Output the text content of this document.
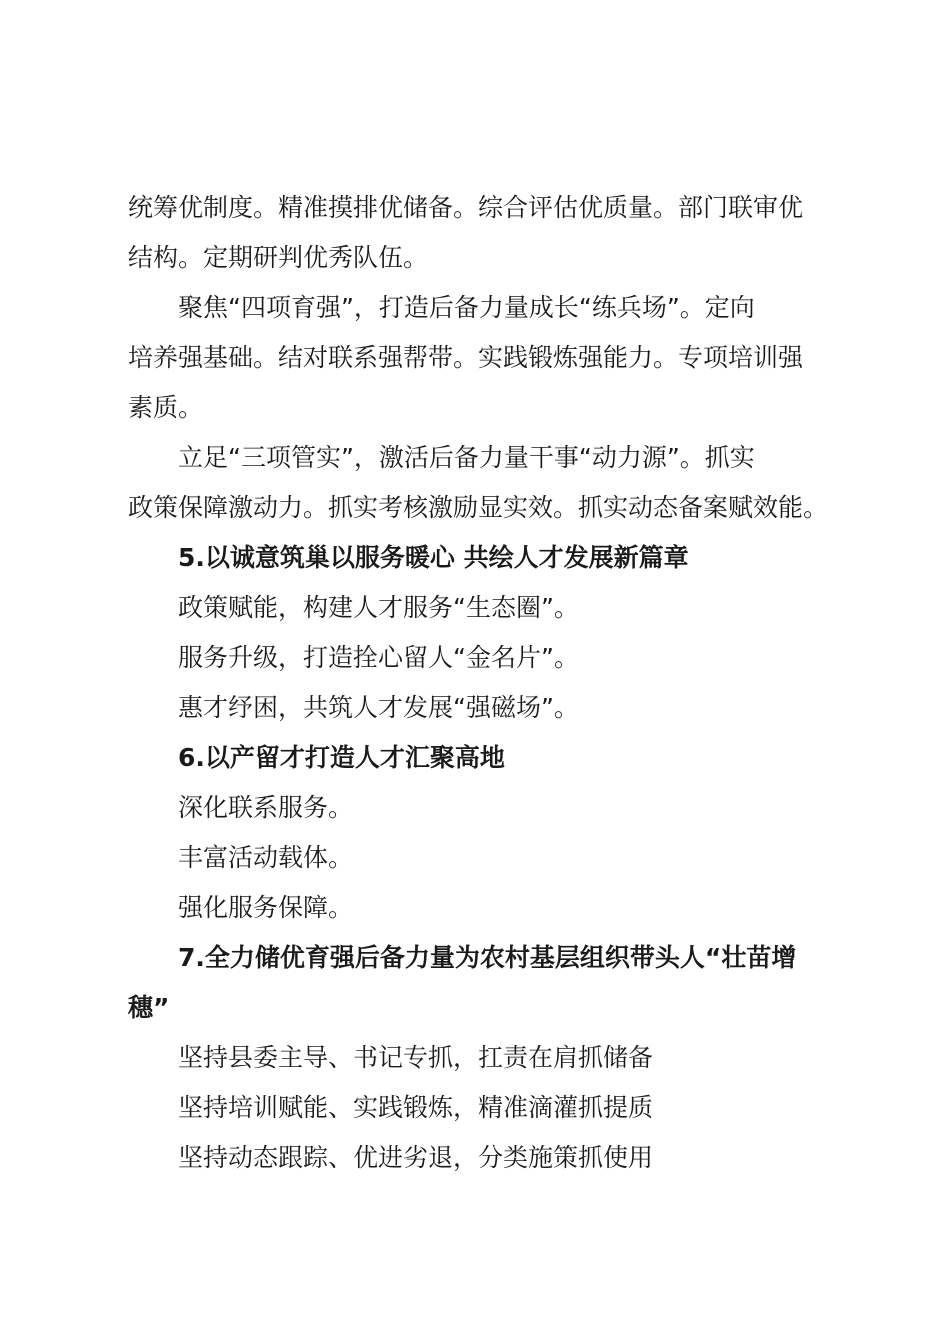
统筹优制度。精准摸排优储备。综合评估优质量。部门联审优
结构。定期研判优秀队伍。
聚焦“四项育强”，打造后备力量成长“练兵场”。定向
培养强基础。结对联系强帮带。实践锻炼强能力。专项培训强
素质。
立足“三项管实”，激活后备力量干事“动力源”。抓实
政策保障激动力。抓实考核激励显实效。抓实动态备案赋效能。
5.以诚意筑巢以服务暖心 共绘人才发展新篇章
政策赋能，构建人才服务“生态圈”。
服务升级，打造拴心留人“金名片”。
惠才纾困，共筑人才发展“强磁场”。
6.以产留才打造人才汇聚高地
深化联系服务。
丰富活动载体。
强化服务保障。
7.全力储优育强后备力量为农村基层组织带头人“壮苗增
穗”
坚持县委主导、书记专抓，扛责在肩抓储备
坚持培训赋能、实践锻炼，精准滴灌抓提质
坚持动态跟踪、优进劣退，分类施策抓使用
